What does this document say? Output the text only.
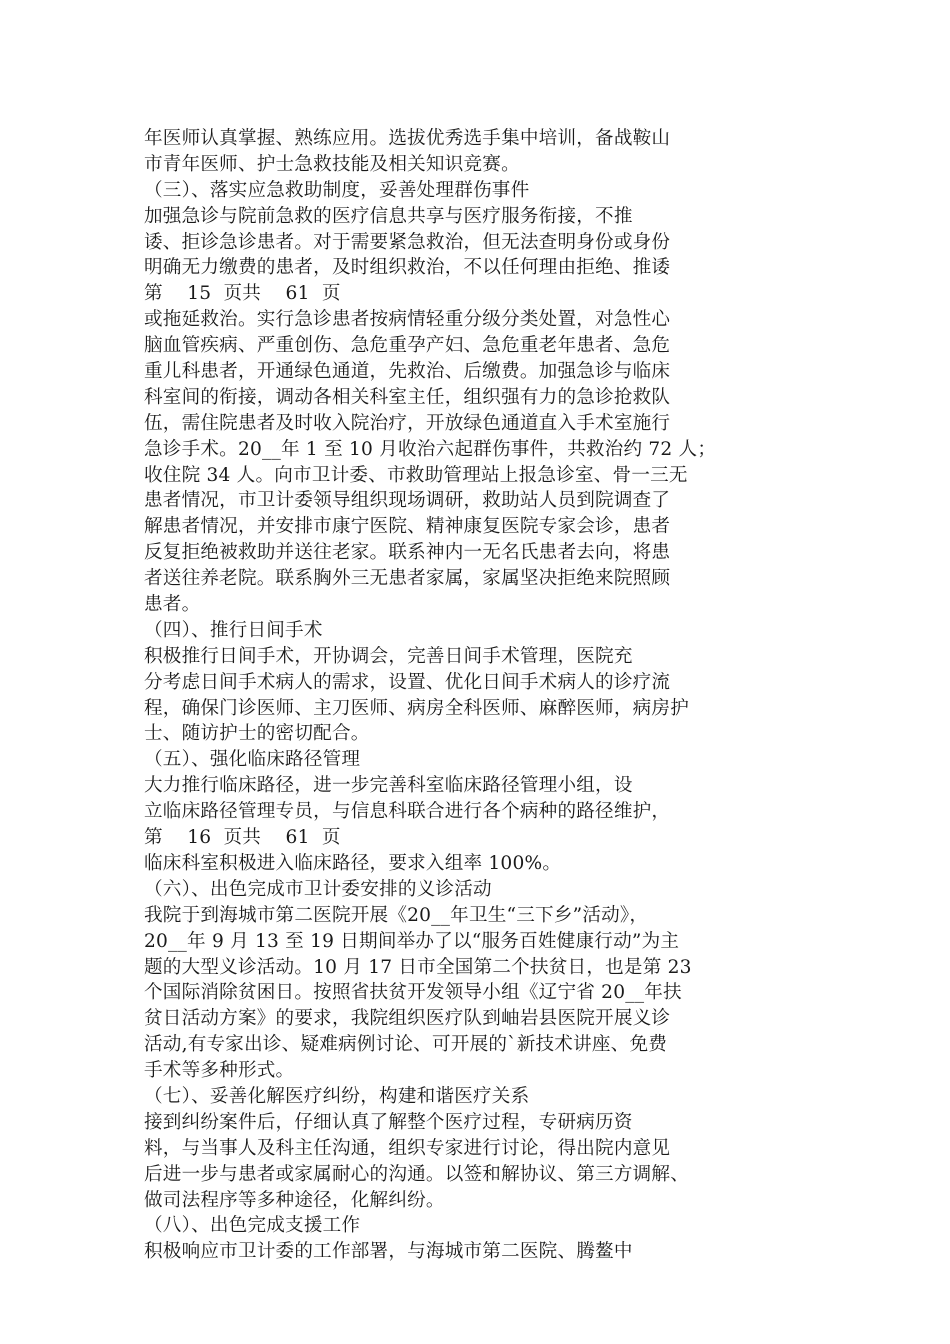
年医师认真掌握、熟练应用。选拔优秀选手集中培训，备战鞍山
市青年医师、护士急救技能及相关知识竞赛。
（三）、落实应急救助制度，妥善处理群伤事件
加强急诊与院前急救的医疗信息共享与医疗服务衔接，不推
诿、拒诊急诊患者。对于需要紧急救治，但无法查明身份或身份
明确无力缴费的患者，及时组织救治，不以任何理由拒绝、推诿
第    15  页共    61  页
或拖延救治。实行急诊患者按病情轻重分级分类处置，对急性心
脑血管疾病、严重创伤、急危重孕产妇、急危重老年患者、急危
重儿科患者，开通绿色通道，先救治、后缴费。加强急诊与临床
科室间的衔接，调动各相关科室主任，组织强有力的急诊抢救队
伍，需住院患者及时收入院治疗，开放绿色通道直入手术室施行
急诊手术。20__年 1 至 10 月收治六起群伤事件，共救治约 72 人；
收住院 34 人。向市卫计委、市救助管理站上报急诊室、骨一三无
患者情况，市卫计委领导组织现场调研，救助站人员到院调查了
解患者情况，并安排市康宁医院、精神康复医院专家会诊，患者
反复拒绝被救助并送往老家。联系神内一无名氏患者去向，将患
者送往养老院。联系胸外三无患者家属，家属坚决拒绝来院照顾
患者。
（四）、推行日间手术
积极推行日间手术，开协调会，完善日间手术管理，医院充
分考虑日间手术病人的需求，设置、优化日间手术病人的诊疗流
程，确保门诊医师、主刀医师、病房全科医师、麻醉医师，病房护
士、随访护士的密切配合。
（五）、强化临床路径管理
大力推行临床路径，进一步完善科室临床路径管理小组，设
立临床路径管理专员，与信息科联合进行各个病种的路径维护，
第    16  页共    61  页
临床科室积极进入临床路径，要求入组率 100%。
（六）、出色完成市卫计委安排的义诊活动
我院于到海城市第二医院开展《20__年卫生“三下乡”活动》，
20__年 9 月 13 至 19 日期间举办了以“服务百姓健康行动”为主
题的大型义诊活动。10 月 17 日市全国第二个扶贫日，也是第 23
个国际消除贫困日。按照省扶贫开发领导小组《辽宁省 20__年扶
贫日活动方案》的要求，我院组织医疗队到岫岩县医院开展义诊
活动,有专家出诊、疑难病例讨论、可开展的`新技术讲座、免费
手术等多种形式。
（七）、妥善化解医疗纠纷，构建和谐医疗关系
接到纠纷案件后，仔细认真了解整个医疗过程，专研病历资
料，与当事人及科主任沟通，组织专家进行讨论，得出院内意见
后进一步与患者或家属耐心的沟通。以签和解协议、第三方调解、
做司法程序等多种途径，化解纠纷。
（八）、出色完成支援工作
积极响应市卫计委的工作部署，与海城市第二医院、腾鳌中
